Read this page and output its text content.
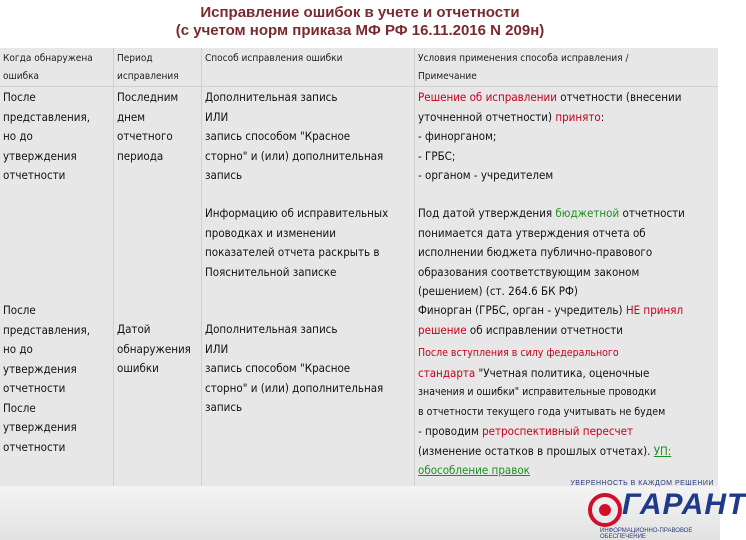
Исправление ошибок в учете и отчетности
(с учетом норм приказа МФ РФ 16.11.2016 N 209н)
Когда обнаружена
ошибка
Период
исправления
Способ исправления ошибки	Условия применения способа исправления /
Примечание
После
представления,
но до
утверждения
отчетности
Последним
днем
отчетного
периода
Дополнительная запись
ИЛИ
запись способом "Красное
сторно" и (или) дополнительная
запись
Решение об исправлении отчетности (внесении
уточненной отчетности) принято:
- финорганом;
- ГРБС;
- органом - учредителем
Информацию об исправительных
проводках и изменении
показателей отчета раскрыть в
Пояснительной записке
Под датой утверждения бюджетной отчетности
понимается дата утверждения отчета об
исполнении бюджета публично-правового
образования соответствующим законом
(решением) (ст. 264.6 БК РФ)
После
представления,
но до
утверждения
отчетности
После
утверждения
отчетности
Датой
обнаружения
ошибки
Дополнительная запись
ИЛИ
запись способом "Красное
сторно" и (или) дополнительная
запись
Финорган (ГРБС, орган - учредитель) НЕ принял
решение об исправлении отчетности
После вступления в силу федерального
стандарта "Учетная политика, оценочные
значения и ошибки" исправительные проводки
в отчетности текущего года учитывать не будем
- проводим ретроспективный пересчет
(изменение остатков в прошлых отчетах). УП:
обособление правок
УВЕРЕННОСТЬ В КАЖДОМ РЕШЕНИИ
ГАРАНТ
ИНФОРМАЦИОННО-ПРАВОВОЕ ОБЕСПЕЧЕНИЕ
